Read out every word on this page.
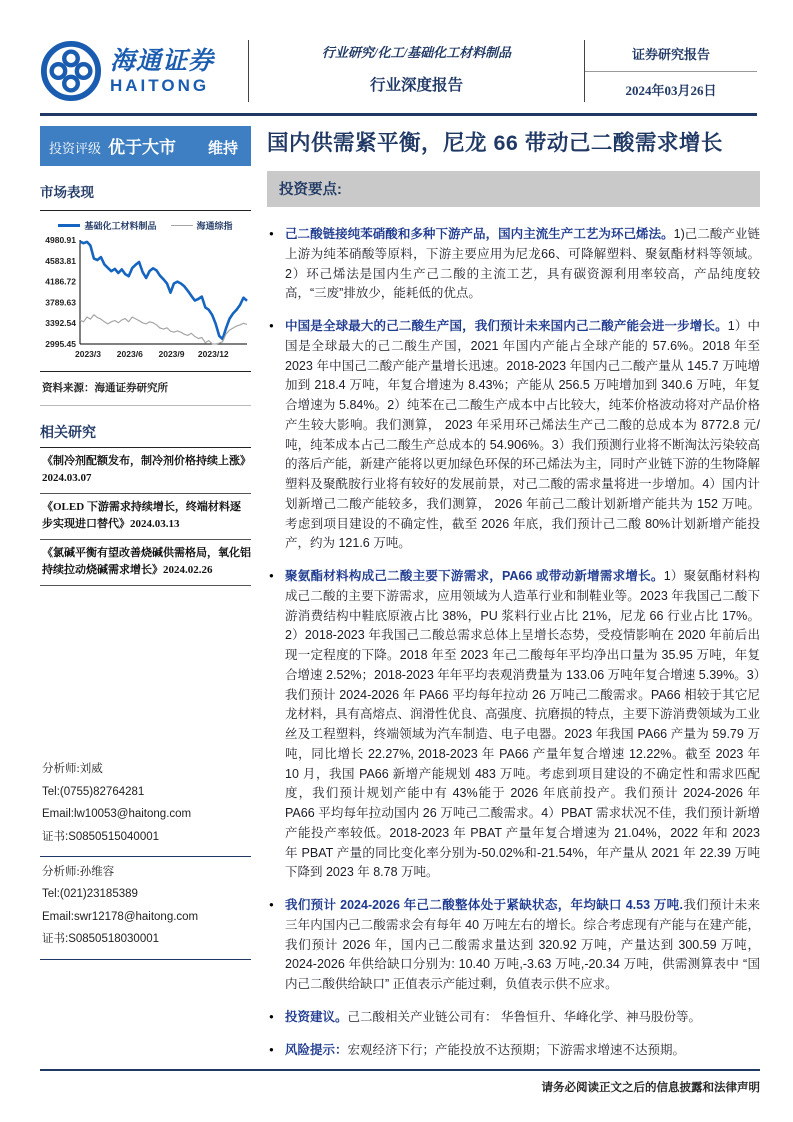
海通证券
HAITONG
行业研究/化工/基础化工材料制品
行业深度报告
证券研究报告
2024年03月26日
投资评级 优于大市 维持
市场表现
基础化工材料制品	海通综指
4980.91
4583.81
4186.72
3789.63
3392.54
2995.45
2023/3 2023/6 2023/9 2023/12
资料来源：海通证券研究所
相关研究
《制冷剂配额发布，制冷剂价格持续上涨》2024.03.07
《OLED 下游需求持续增长，终端材料逐步实现进口替代》2024.03.13
《氯碱平衡有望改善烧碱供需格局，氧化铝持续拉动烧碱需求增长》2024.02.26
分析师:刘威
Tel:(0755)82764281
Email:lw10053@haitong.com
证书:S0850515040001
分析师:孙维容
Tel:(021)23185389
Email:swr12178@haitong.com
证书:S0850518030001
国内供需紧平衡，尼龙 66 带动己二酸需求增长
投资要点:
● 己二酸链接纯苯硝酸和多种下游产品，国内主流生产工艺为环己烯法。1)己二酸产业链上游为纯苯硝酸等原料，下游主要应用为尼龙66、可降解塑料、聚氨酯材料等领域。2）环己烯法是国内生产己二酸的主流工艺，具有碳资源利用率较高，产品纯度较高，“三废”排放少，能耗低的优点。
● 中国是全球最大的己二酸生产国，我们预计未来国内己二酸产能会进一步增长。1）中国是全球最大的己二酸生产国，2021 年国内产能占全球产能的 57.6%。2018 年至 2023 年中国己二酸产能产量增长迅速。2018-2023 年国内己二酸产量从 145.7 万吨增加到 218.4 万吨，年复合增速为 8.43%；产能从 256.5 万吨增加到 340.6 万吨，年复合增速为 5.84%。2）纯苯在己二酸生产成本中占比较大，纯苯价格波动将对产品价格产生较大影响。我们测算， 2023 年采用环己烯法生产己二酸的总成本为 8772.8 元/吨，纯苯成本占己二酸生产总成本的 54.906%。3）我们预测行业将不断淘汰污染较高的落后产能，新建产能将以更加绿色环保的环己烯法为主，同时产业链下游的生物降解塑料及聚酰胺行业将有较好的发展前景，对己二酸的需求量将进一步增加。4）国内计划新增己二酸产能较多，我们测算， 2026 年前己二酸计划新增产能共为 152 万吨。考虑到项目建设的不确定性，截至 2026 年底，我们预计己二酸 80%计划新增产能投产，约为 121.6 万吨。
● 聚氨酯材料构成己二酸主要下游需求，PA66 或带动新增需求增长。1）聚氨酯材料构成己二酸的主要下游需求，应用领域为人造革行业和制鞋业等。2023 年我国己二酸下游消费结构中鞋底原液占比 38%，PU 浆料行业占比 21%，尼龙 66 行业占比 17%。2）2018-2023 年我国己二酸总需求总体上呈增长态势，受疫情影响在 2020 年前后出现一定程度的下降。2018 年至 2023 年己二酸每年平均净出口量为 35.95 万吨，年复合增速 2.52%；2018-2023 年年平均表观消费量为 133.06 万吨年复合增速 5.39%。3）我们预计 2024-2026 年 PA66 平均每年拉动 26 万吨己二酸需求。PA66 相较于其它尼龙材料，具有高熔点、润滑性优良、高强度、抗磨损的特点，主要下游消费领域为工业丝及工程塑料，终端领域为汽车制造、电子电器。2023 年我国 PA66 产量为 59.79 万吨，同比增长 22.27%, 2018-2023 年 PA66 产量年复合增速 12.22%。截至 2023 年 10 月，我国 PA66 新增产能规划 483 万吨。考虑到项目建设的不确定性和需求匹配度，我们预计规划产能中有 43%能于 2026 年底前投产。我们预计 2024-2026 年 PA66 平均每年拉动国内 26 万吨己二酸需求。4）PBAT 需求状况不佳，我们预计新增产能投产率较低。2018-2023 年 PBAT 产量年复合增速为 21.04%，2022 年和 2023 年 PBAT 产量的同比变化率分别为-50.02%和-21.54%，年产量从 2021 年 22.39 万吨下降到 2023 年 8.78 万吨。
● 我们预计 2024-2026 年己二酸整体处于紧缺状态，年均缺口 4.53 万吨.我们预计未来三年内国内己二酸需求会有每年 40 万吨左右的增长。综合考虑现有产能与在建产能，我们预计 2026 年，国内己二酸需求量达到 320.92 万吨，产量达到 300.59 万吨，2024-2026 年供给缺口分别为: 10.40 万吨,-3.63 万吨,-20.34 万吨，供需测算表中 “国内己二酸供给缺口” 正值表示产能过剩，负值表示供不应求。
● 投资建议。己二酸相关产业链公司有： 华鲁恒升、华峰化学、神马股份等。
● 风险提示：宏观经济下行；产能投放不达预期；下游需求增速不达预期。
请务必阅读正文之后的信息披露和法律声明
